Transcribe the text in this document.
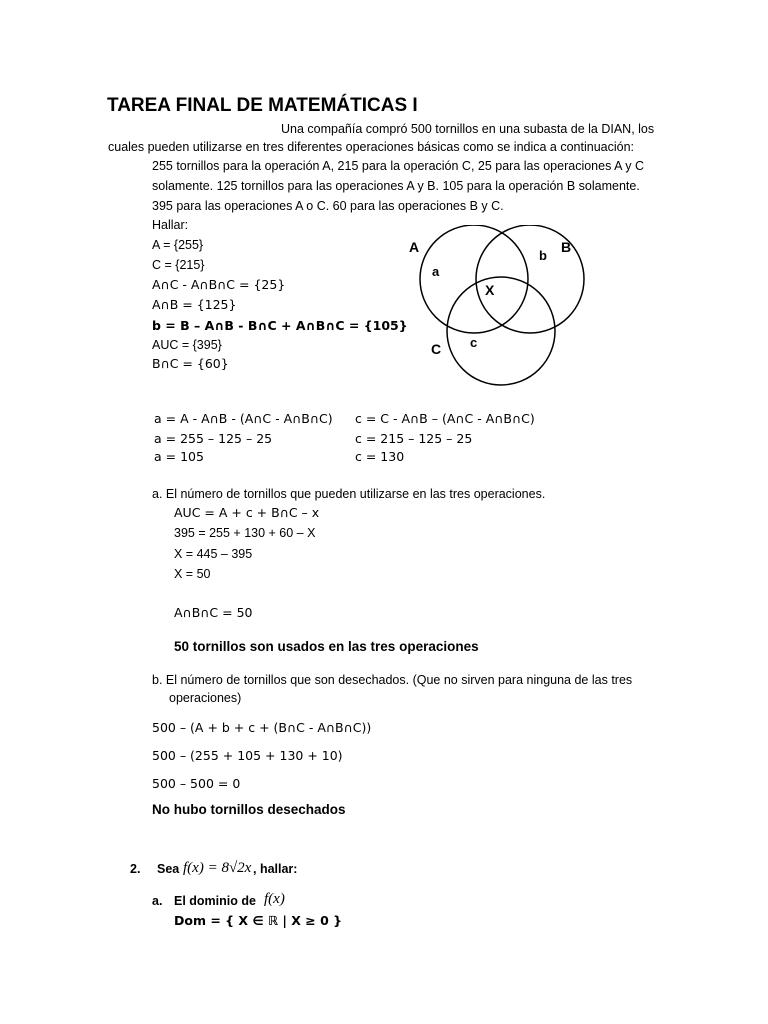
TAREA FINAL DE MATEMÁTICAS I
Una compañía compró 500 tornillos en una subasta de la DIAN, los
cuales pueden utilizarse en tres diferentes operaciones básicas como se indica a continuación:
255 tornillos para la operación A, 215 para la operación C, 25 para las operaciones A y C
solamente. 125 tornillos para las operaciones A y B. 105 para la operación B solamente.
395 para las operaciones A o C. 60 para las operaciones B y C.
Hallar:
A = {255}
C = {215}
A∩C - A∩B∩C = {25}
A∩B = {125}
b = B – A∩B - B∩C + A∩B∩C = {105}
AUC = {395}
B∩C = {60}
A	B
C
a
b
c
X
a = A - A∩B - (A∩C - A∩B∩C)
a = 255 – 125 – 25
a = 105
c = C - A∩B – (A∩C - A∩B∩C)
c = 215 – 125 – 25
c = 130
a. El número de tornillos que pueden utilizarse en las tres operaciones.
AUC = A + c + B∩C – x
395 = 255 + 130 + 60 – X
X = 445 – 395
X = 50
A∩B∩C = 50
50 tornillos son usados en las tres operaciones
b. El número de tornillos que son desechados. (Que no sirven para ninguna de las tres
operaciones)
500 – (A + b + c + (B∩C - A∩B∩C))
500 – (255 + 105 + 130 + 10)
500 – 500 = 0
No hubo tornillos desechados
2. Sea f(x) = 8√2x , hallar:
a. El dominio de f(x)
Dom = { X ∈ ℝ | X ≥ 0 }
